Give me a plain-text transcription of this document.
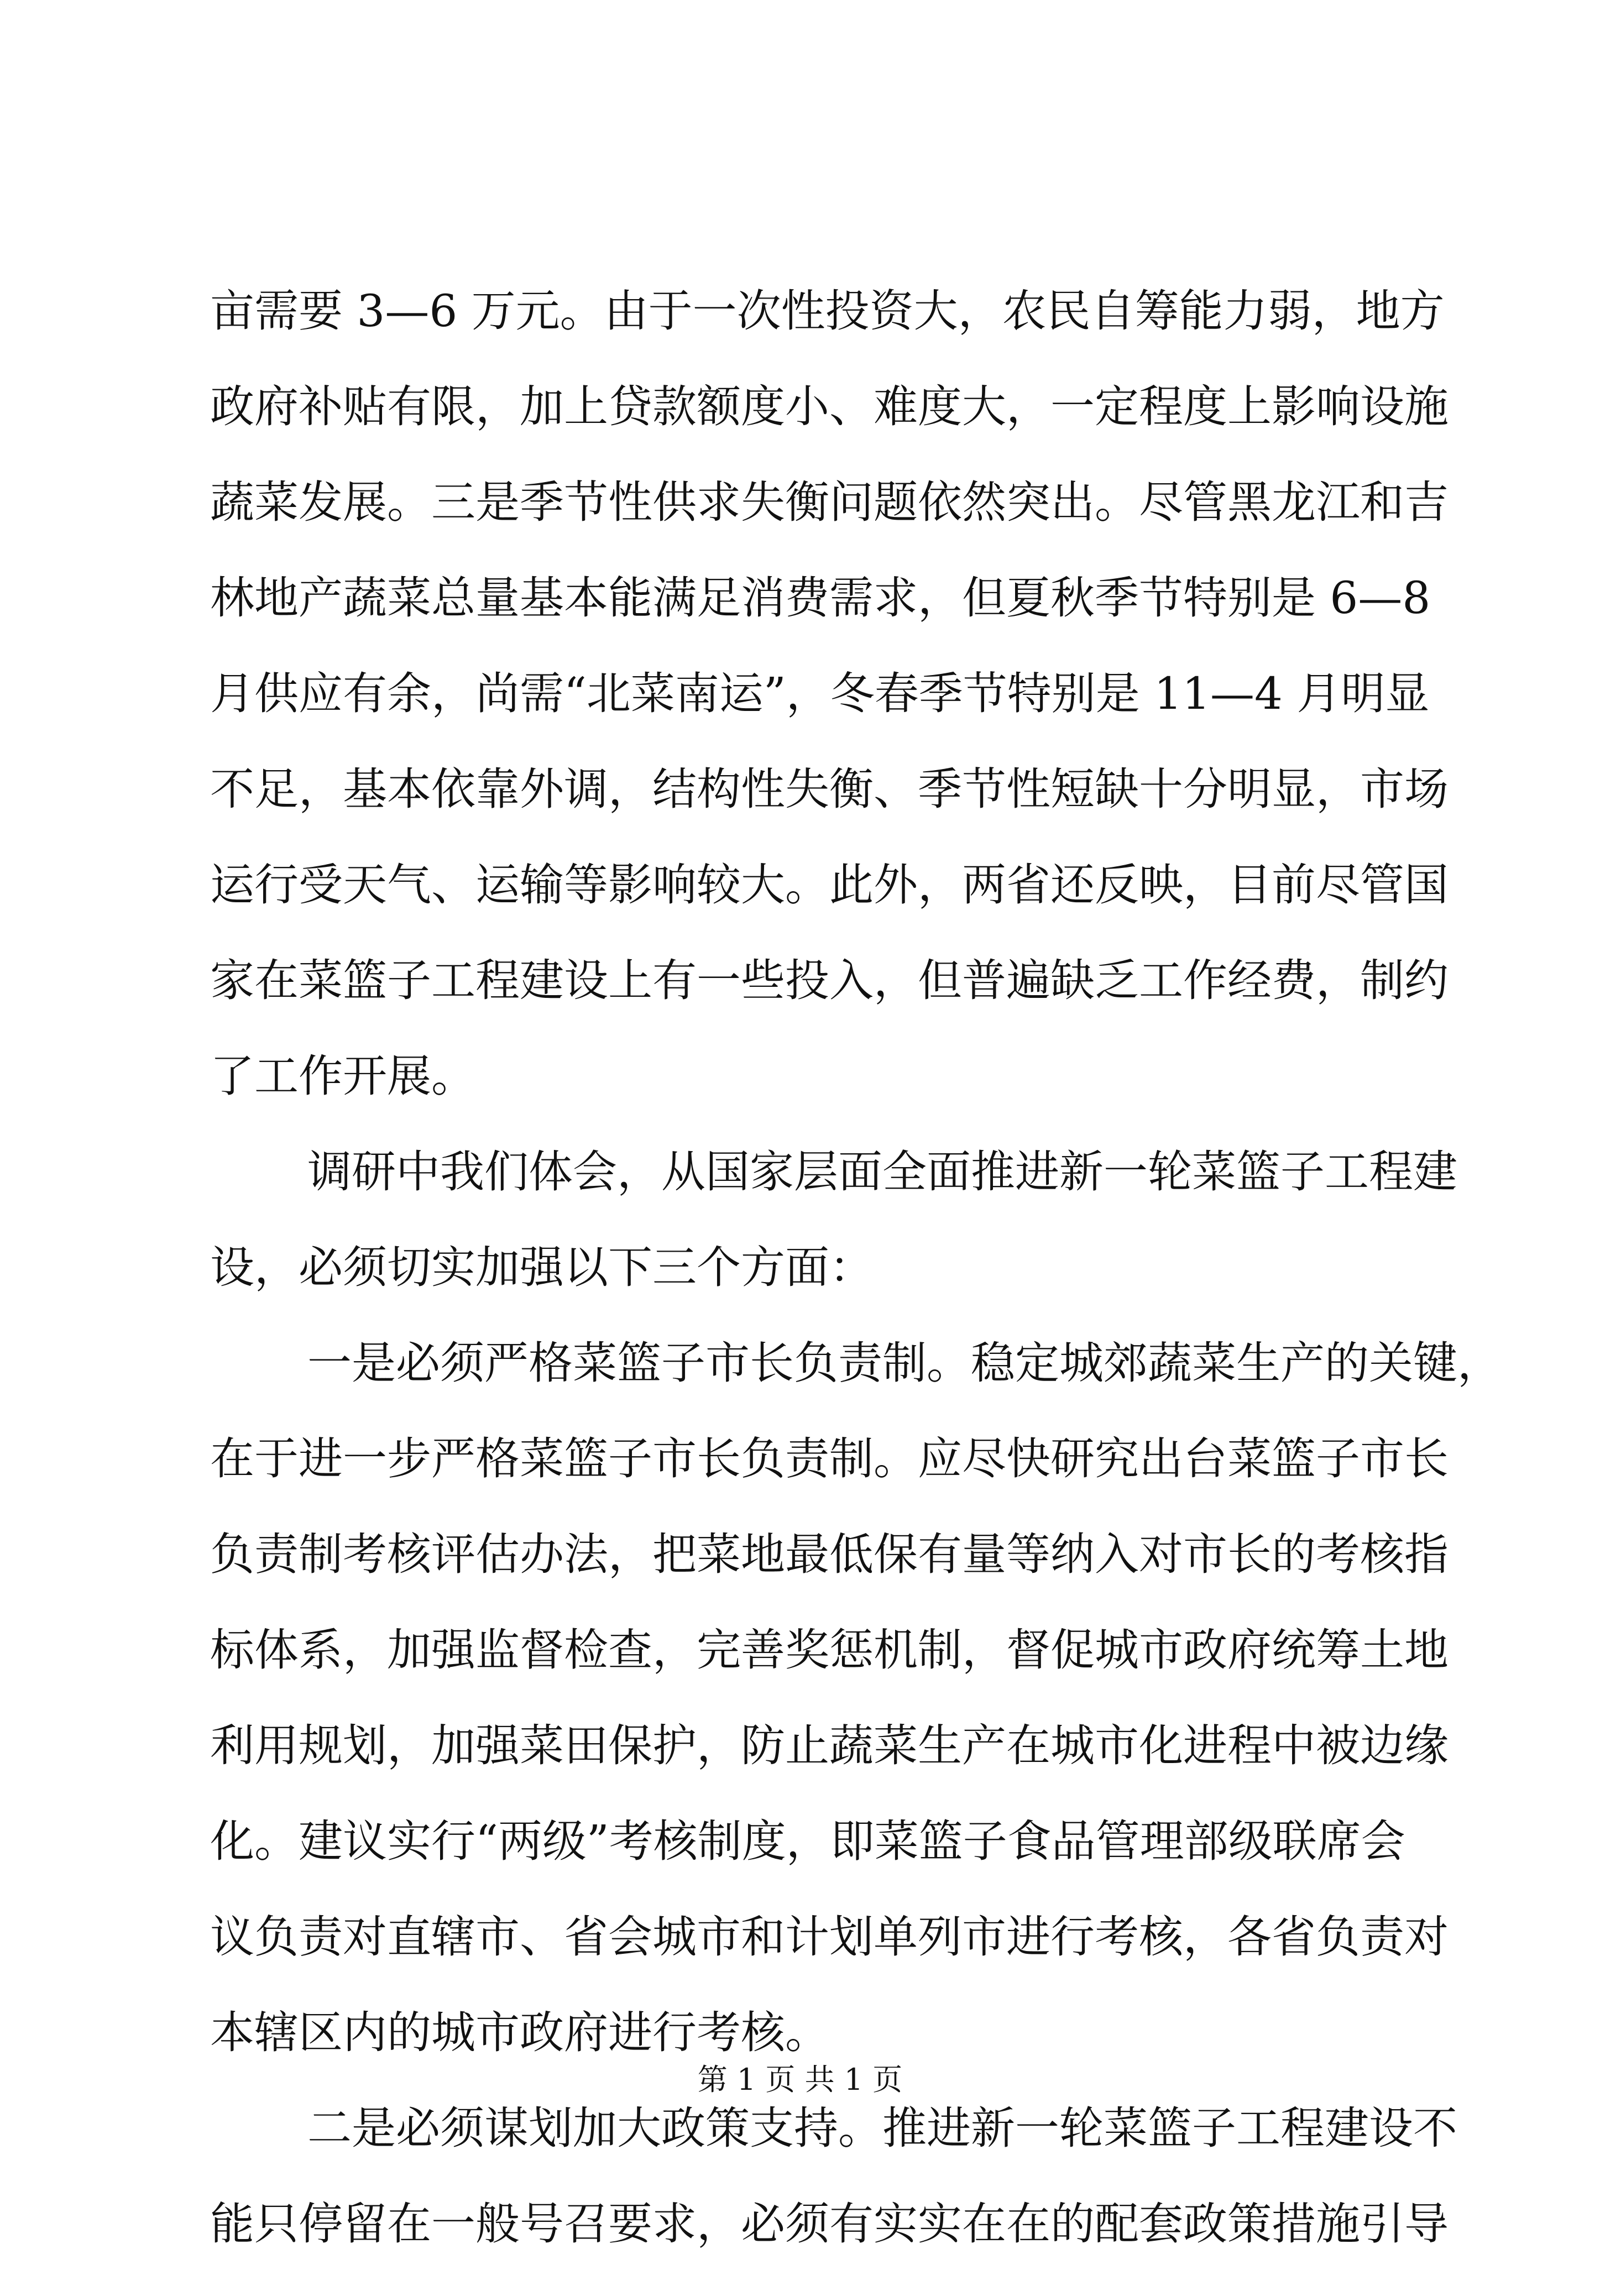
亩需要 3—6 万元。由于一次性投资大，农民自筹能力弱，地方
政府补贴有限，加上贷款额度小、难度大，一定程度上影响设施
蔬菜发展。三是季节性供求失衡问题依然突出。尽管黑龙江和吉
林地产蔬菜总量基本能满足消费需求，但夏秋季节特别是 6—8
月供应有余，尚需“北菜南运”，冬春季节特别是 11—4 月明显
不足，基本依靠外调，结构性失衡、季节性短缺十分明显，市场
运行受天气、运输等影响较大。此外，两省还反映，目前尽管国
家在菜篮子工程建设上有一些投入，但普遍缺乏工作经费，制约
了工作开展。
调研中我们体会，从国家层面全面推进新一轮菜篮子工程建
设，必须切实加强以下三个方面：
一是必须严格菜篮子市长负责制。稳定城郊蔬菜生产的关键，
在于进一步严格菜篮子市长负责制。应尽快研究出台菜篮子市长
负责制考核评估办法，把菜地最低保有量等纳入对市长的考核指
标体系，加强监督检查，完善奖惩机制，督促城市政府统筹土地
利用规划，加强菜田保护，防止蔬菜生产在城市化进程中被边缘
化。建议实行“两级”考核制度，即菜篮子食品管理部级联席会
议负责对直辖市、省会城市和计划单列市进行考核，各省负责对
本辖区内的城市政府进行考核。
二是必须谋划加大政策支持。推进新一轮菜篮子工程建设不
能只停留在一般号召要求，必须有实实在在的配套政策措施引导
第 1 页 共 1 页
